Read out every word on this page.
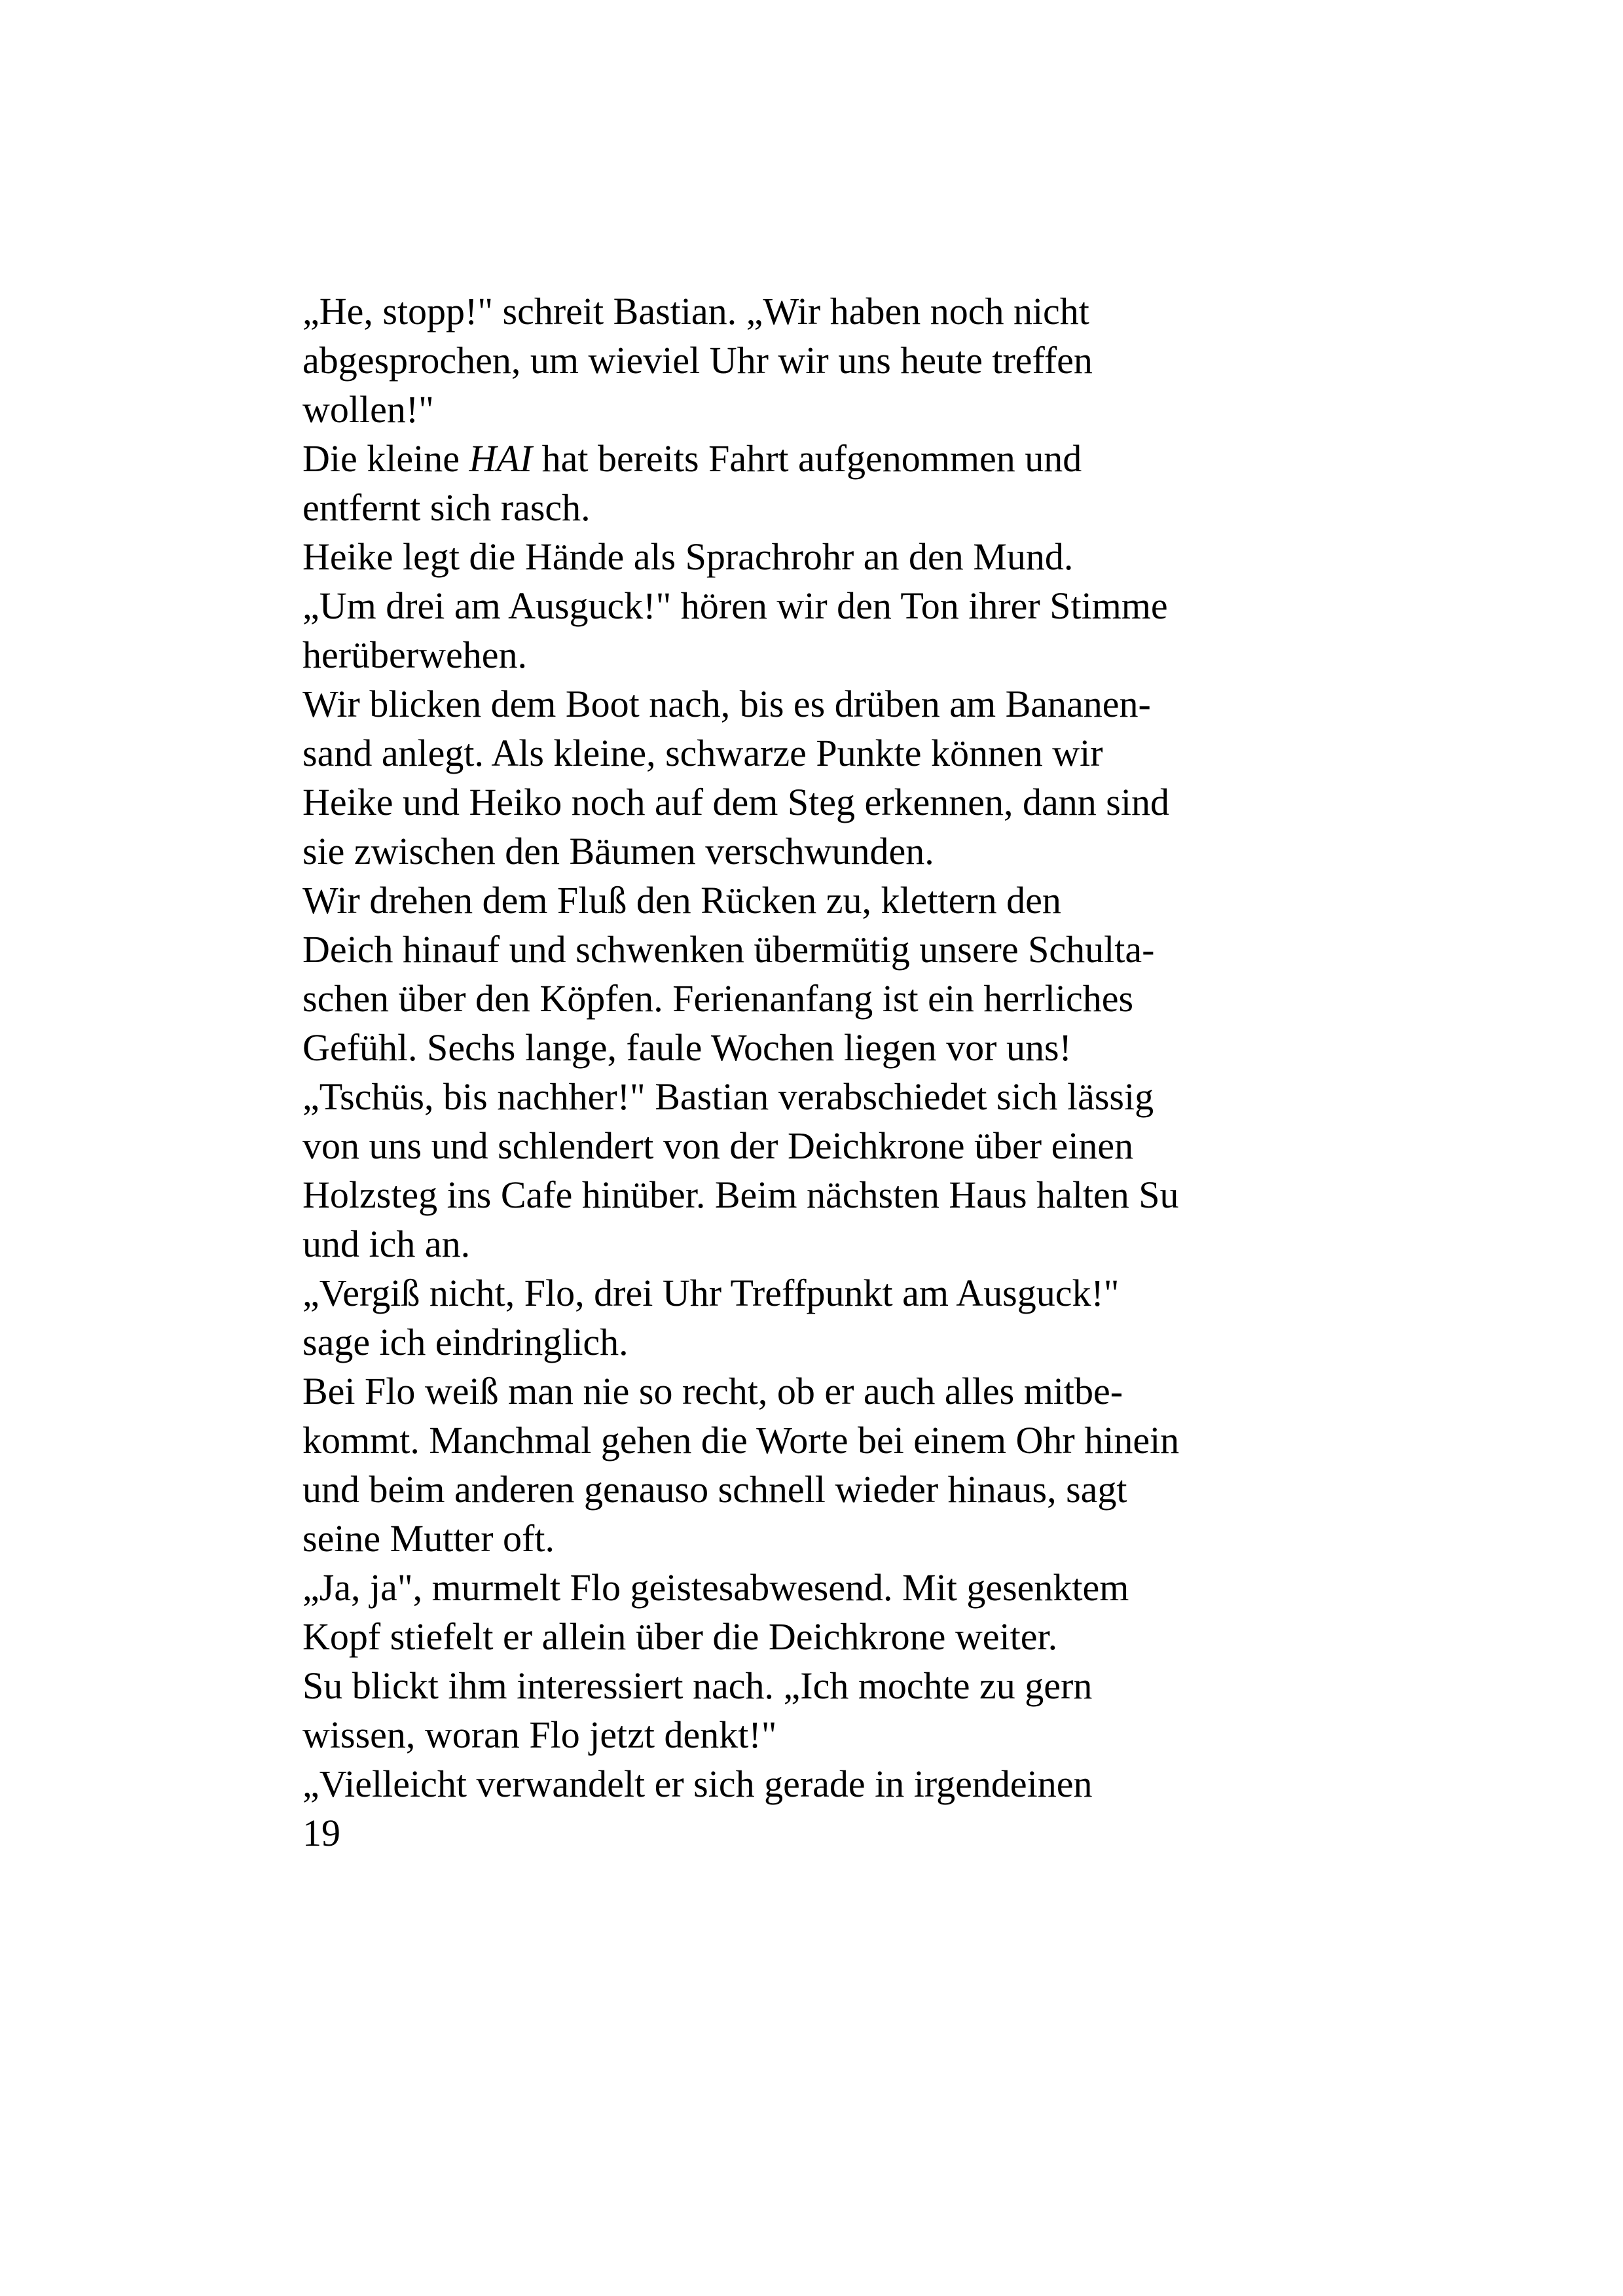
„He, stopp!" schreit Bastian. „Wir haben noch nicht
abgesprochen, um wieviel Uhr wir uns heute treffen
wollen!"
Die kleine HAI hat bereits Fahrt aufgenommen und
entfernt sich rasch.
Heike legt die Hände als Sprachrohr an den Mund.
„Um drei am Ausguck!" hören wir den Ton ihrer Stimme
herüberwehen.
Wir blicken dem Boot nach, bis es drüben am Bananen-
sand anlegt. Als kleine, schwarze Punkte können wir
Heike und Heiko noch auf dem Steg erkennen, dann sind
sie zwischen den Bäumen verschwunden.
Wir drehen dem Fluß den Rücken zu, klettern den
Deich hinauf und schwenken übermütig unsere Schulta-
schen über den Köpfen. Ferienanfang ist ein herrliches
Gefühl. Sechs lange, faule Wochen liegen vor uns!
„Tschüs, bis nachher!" Bastian verabschiedet sich lässig
von uns und schlendert von der Deichkrone über einen
Holzsteg ins Cafe hinüber. Beim nächsten Haus halten Su
und ich an.
„Vergiß nicht, Flo, drei Uhr Treffpunkt am Ausguck!"
sage ich eindringlich.
Bei Flo weiß man nie so recht, ob er auch alles mitbe-
kommt. Manchmal gehen die Worte bei einem Ohr hinein
und beim anderen genauso schnell wieder hinaus, sagt
seine Mutter oft.
„Ja, ja", murmelt Flo geistesabwesend. Mit gesenktem
Kopf stiefelt er allein über die Deichkrone weiter.
Su blickt ihm interessiert nach. „Ich mochte zu gern
wissen, woran Flo jetzt denkt!"
„Vielleicht verwandelt er sich gerade in irgendeinen
19
